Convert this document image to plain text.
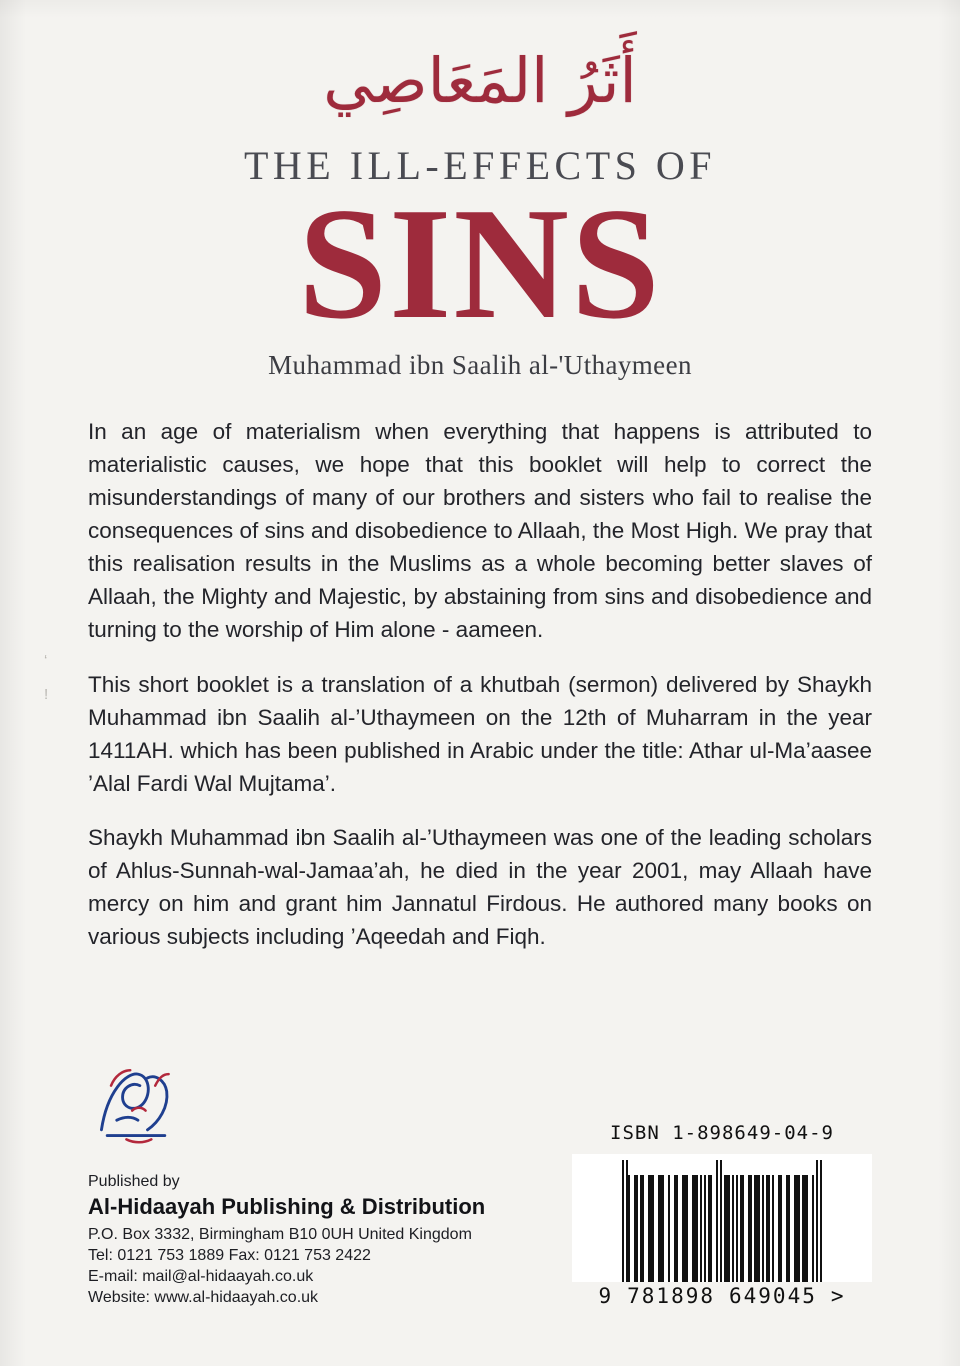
‘
!
أَثَرُ المَعَاصِي
THE ILL-EFFECTS OF
SINS
Muhammad ibn Saalih al-'Uthaymeen

In an age of materialism when everything that happens is attributed to materialistic causes, we hope that this booklet will help to correct the misunderstandings of many of our brothers and sisters who fail to realise the consequences of sins and disobedience to Allaah, the Most High. We pray that this realisation results in the Muslims as a whole becoming better slaves of Allaah, the Mighty and Majestic, by abstaining from sins and disobedience and turning to the worship of Him alone - aameen.

This short booklet is a translation of a khutbah (sermon) delivered by Shaykh Muhammad ibn Saalih al-’Uthaymeen on the 12th of Muharram in the year 1411AH. which has been published in Arabic under the title: Athar ul-Ma’aasee ’Alal Fardi Wal Mujtama’.

Shaykh Muhammad ibn Saalih al-’Uthaymeen was one of the leading scholars of Ahlus-Sunnah-wal-Jamaa’ah, he died in the year 2001, may Allaah have mercy on him and grant him Jannatul Firdous. He authored many books on various subjects including ’Aqeedah and Fiqh.

Published by
Al-Hidaayah Publishing & Distribution
P.O. Box 3332, Birmingham B10 0UH United Kingdom
Tel: 0121 753 1889 Fax: 0121 753 2422
E-mail: mail@al-hidaayah.co.uk
Website: www.al-hidaayah.co.uk
ISBN 1-898649-04-9
9 781898 649045 >
